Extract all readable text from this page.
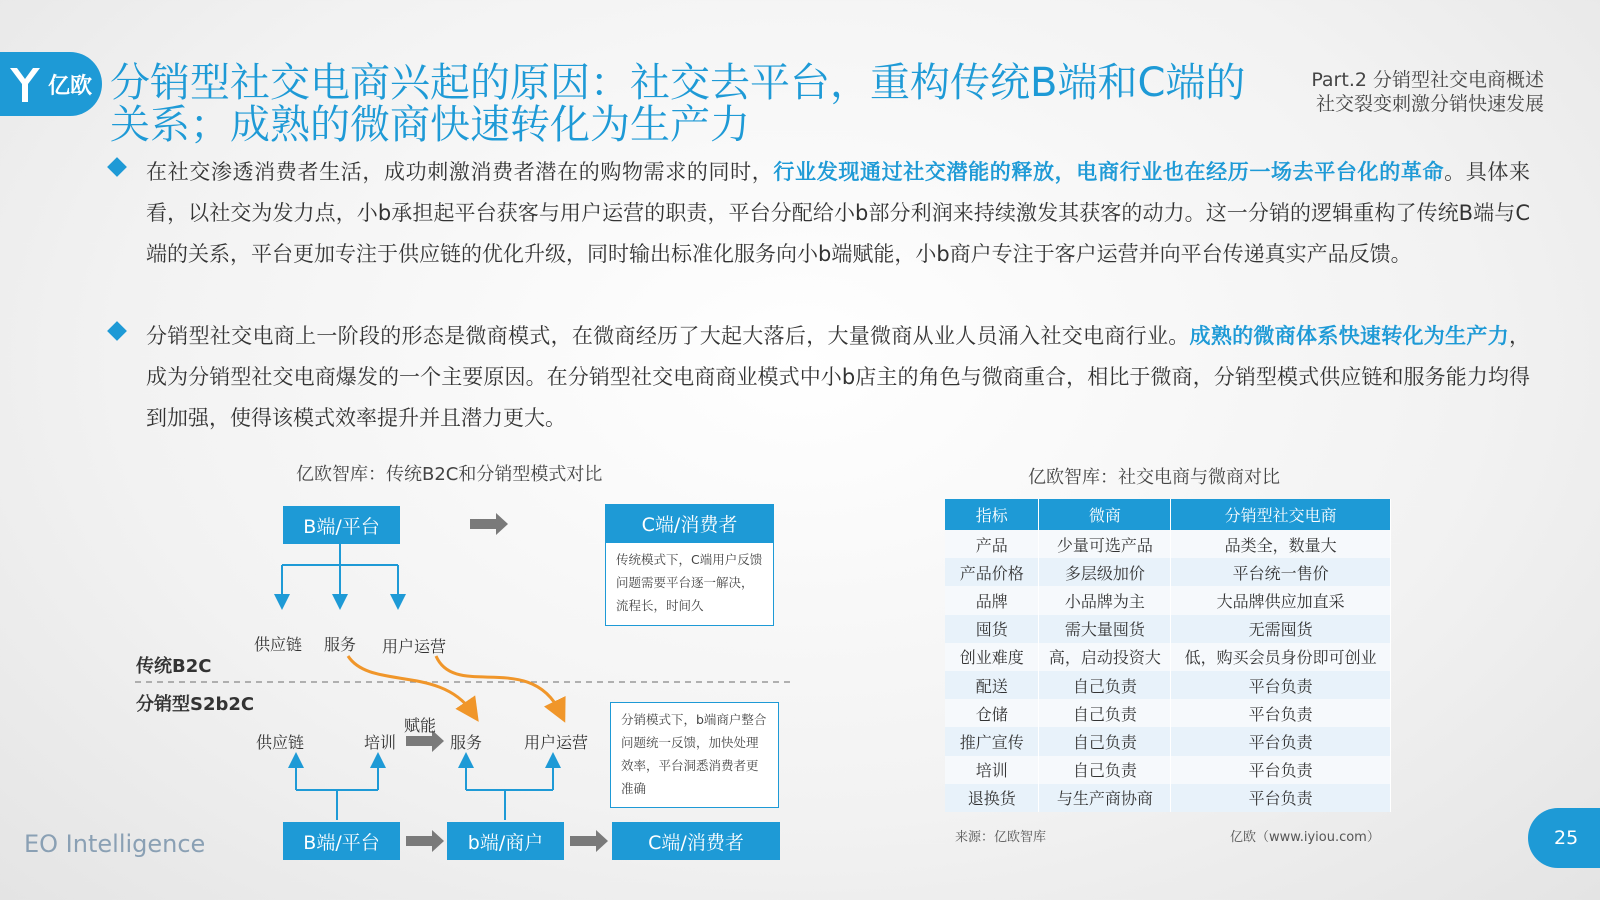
亿欧 分销型社交电商兴起的原因：社交去平台，重构传统B端和C端的关系；成熟的微商快速转化为生产力
Part.2 分销型社交电商概述
社交裂变刺激分销快速发展
在社交渗透消费者生活，成功刺激消费者潜在的购物需求的同时，行业发现通过社交潜能的释放，电商行业也在经历一场去平台化的革命。具体来看，以社交为发力点，小b承担起平台获客与用户运营的职责，平台分配给小b部分利润来持续激发其获客的动力。这一分销的逻辑重构了传统B端与C端的关系，平台更加专注于供应链的优化升级，同时输出标准化服务向小b端赋能，小b商户专注于客户运营并向平台传递真实产品反馈。
分销型社交电商上一阶段的形态是微商模式，在微商经历了大起大落后，大量微商从业人员涌入社交电商行业。成熟的微商体系快速转化为生产力，成为分销型社交电商爆发的一个主要原因。在分销型社交电商商业模式中小b店主的角色与微商重合，相比于微商，分销型模式供应链和服务能力均得到加强，使得该模式效率提升并且潜力更大。
亿欧智库：传统B2C和分销型模式对比
B端/平台	C端/消费者
传统模式下，C端用户反馈问题需要平台逐一解决，流程长，时间久
供应链 服务 用户运营
传统B2C
分销型S2b2C
供应链	培训
赋能
服务	用户运营
分销模式下，b端商户整合问题统一反馈，加快处理效率，平台洞悉消费者更准确
B端/平台	b端/商户	C端/消费者
亿欧智库：社交电商与微商对比
指标	微商	分销型社交电商
产品	少量可选产品	品类全，数量大
产品价格	多层级加价	平台统一售价
品牌	小品牌为主	大品牌供应加直采
囤货	需大量囤货	无需囤货
创业难度	高，启动投资大	低，购买会员身份即可创业
配送	自己负责	平台负责
仓储	自己负责	平台负责
推广宣传	自己负责	平台负责
培训	自己负责	平台负责
退换货	与生产商协商	平台负责
来源：亿欧智库	亿欧（www.iyiou.com）
EO Intelligence	25
